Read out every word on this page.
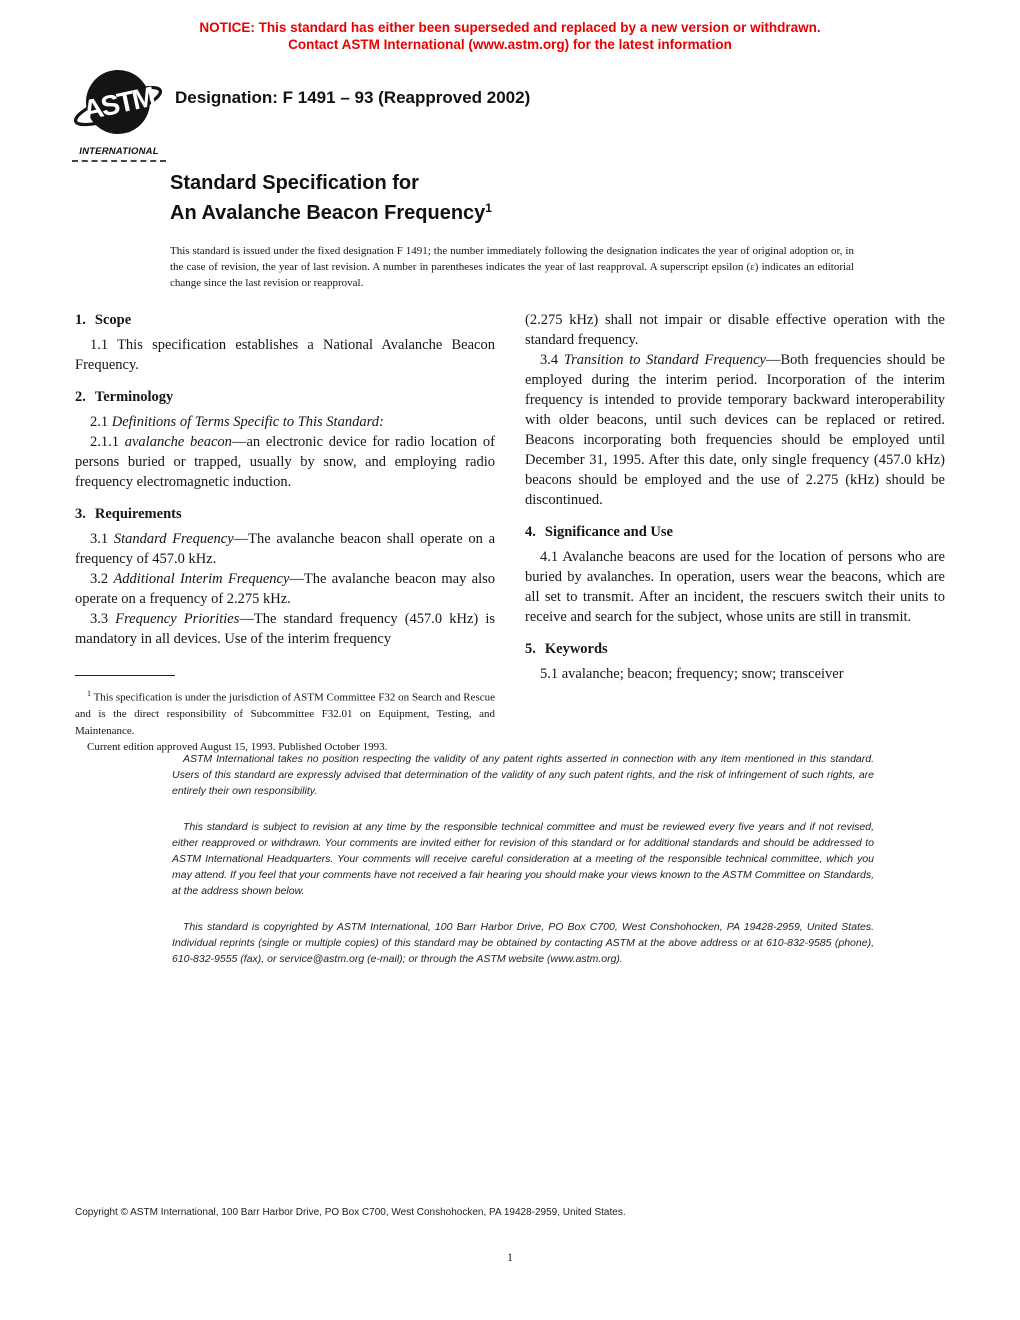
NOTICE: This standard has either been superseded and replaced by a new version or withdrawn.
Contact ASTM International (www.astm.org) for the latest information
ASTM
INTERNATIONAL
Designation: F 1491 – 93 (Reapproved 2002)
Standard Specification for
An Avalanche Beacon Frequency$^1$
This standard is issued under the fixed designation F 1491; the number immediately following the designation indicates the year of original adoption or, in the case of revision, the year of last revision. A number in parentheses indicates the year of last reapproval. A superscript epsilon (ε) indicates an editorial change since the last revision or reapproval.
1. Scope

1.1 This specification establishes a National Avalanche Beacon Frequency.

2. Terminology

2.1 Definitions of Terms Specific to This Standard:

2.1.1 avalanche beacon—an electronic device for radio location of persons buried or trapped, usually by snow, and employing radio frequency electromagnetic induction.

3. Requirements

3.1 Standard Frequency—The avalanche beacon shall operate on a frequency of 457.0 kHz.

3.2 Additional Interim Frequency—The avalanche beacon may also operate on a frequency of 2.275 kHz.

3.3 Frequency Priorities—The standard frequency (457.0 kHz) is mandatory in all devices. Use of the interim frequency

$^1$ This specification is under the jurisdiction of ASTM Committee F32 on Search and Rescue and is the direct responsibility of Subcommittee F32.01 on Equipment, Testing, and Maintenance.

Current edition approved August 15, 1993. Published October 1993.

(2.275 kHz) shall not impair or disable effective operation with the standard frequency.

3.4 Transition to Standard Frequency—Both frequencies should be employed during the interim period. Incorporation of the interim frequency is intended to provide temporary backward interoperability with older beacons, until such devices can be replaced or retired. Beacons incorporating both frequencies should be employed until December 31, 1995. After this date, only single frequency (457.0 kHz) beacons should be employed and the use of 2.275 (kHz) should be discontinued.

4. Significance and Use

4.1 Avalanche beacons are used for the location of persons who are buried by avalanches. In operation, users wear the beacons, which are all set to transmit. After an incident, the rescuers switch their units to receive and search for the subject, whose units are still in transmit.

5. Keywords

5.1 avalanche; beacon; frequency; snow; transceiver

ASTM International takes no position respecting the validity of any patent rights asserted in connection with any item mentioned in this standard. Users of this standard are expressly advised that determination of the validity of any such patent rights, and the risk of infringement of such rights, are entirely their own responsibility.

This standard is subject to revision at any time by the responsible technical committee and must be reviewed every five years and if not revised, either reapproved or withdrawn. Your comments are invited either for revision of this standard or for additional standards and should be addressed to ASTM International Headquarters. Your comments will receive careful consideration at a meeting of the responsible technical committee, which you may attend. If you feel that your comments have not received a fair hearing you should make your views known to the ASTM Committee on Standards, at the address shown below.

This standard is copyrighted by ASTM International, 100 Barr Harbor Drive, PO Box C700, West Conshohocken, PA 19428-2959, United States. Individual reprints (single or multiple copies) of this standard may be obtained by contacting ASTM at the above address or at 610-832-9585 (phone), 610-832-9555 (fax), or service@astm.org (e-mail); or through the ASTM website (www.astm.org).

Copyright © ASTM International, 100 Barr Harbor Drive, PO Box C700, West Conshohocken, PA 19428-2959, United States.
1
